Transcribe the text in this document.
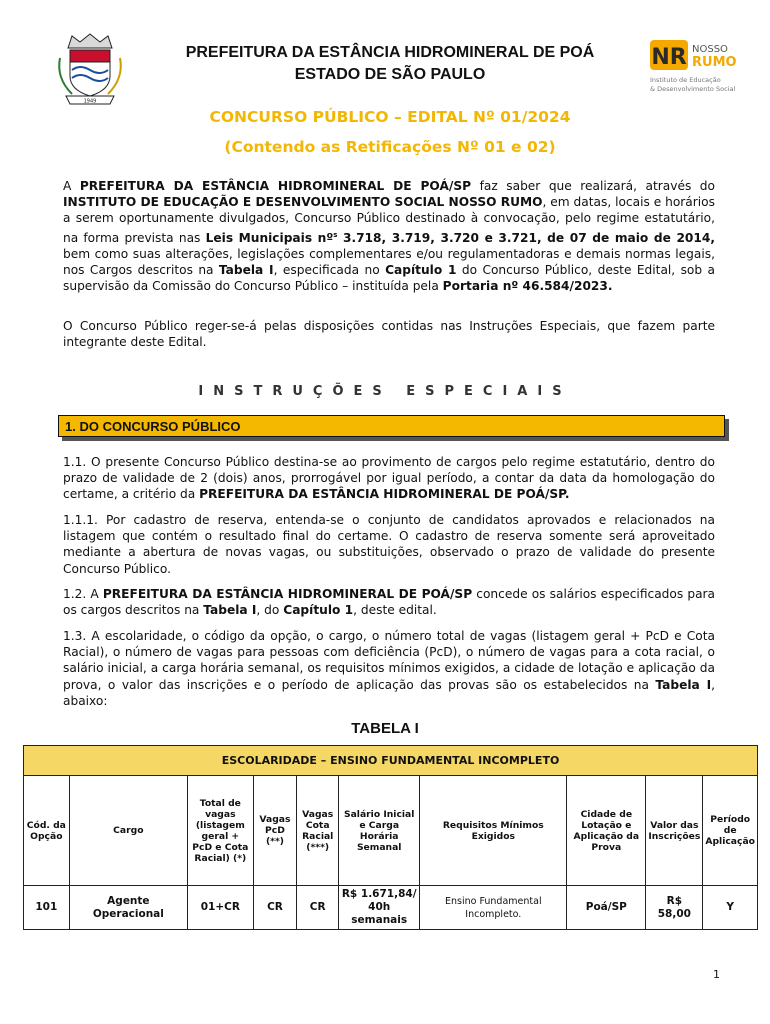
1949
NR NOSSO
RUMO
Instituto de Educação
& Desenvolvimento Social
PREFEITURA DA ESTÂNCIA HIDROMINERAL DE POÁ
ESTADO DE SÃO PAULO
CONCURSO PÚBLICO – EDITAL Nº 01/2024
(Contendo as Retificações Nº 01 e 02)
A PREFEITURA DA ESTÂNCIA HIDROMINERAL DE POÁ/SP faz saber que realizará, através do INSTITUTO DE EDUCAÇÃO E DESENVOLVIMENTO SOCIAL NOSSO RUMO, em datas, locais e horários a serem oportunamente divulgados, Concurso Público destinado à convocação, pelo regime estatutário, na forma prevista nas Leis Municipais nº$^s$ 3.718, 3.719, 3.720 e 3.721, de 07 de maio de 2014, bem como suas alterações, legislações complementares e/ou regulamentadoras e demais normas legais, nos Cargos descritos na Tabela I, especificada no Capítulo 1 do Concurso Público, deste Edital, sob a supervisão da Comissão do Concurso Público – instituída pela Portaria nº 46.584/2023.
O Concurso Público reger-se-á pelas disposições contidas nas Instruções Especiais, que fazem parte integrante deste Edital.
INSTRUÇÕES ESPECIAIS
1. DO CONCURSO PÚBLICO
1.1. O presente Concurso Público destina-se ao provimento de cargos pelo regime estatutário, dentro do prazo de validade de 2 (dois) anos, prorrogável por igual período, a contar da data da homologação do certame, a critério da PREFEITURA DA ESTÂNCIA HIDROMINERAL DE POÁ/SP.
1.1.1. Por cadastro de reserva, entenda-se o conjunto de candidatos aprovados e relacionados na listagem que contém o resultado final do certame. O cadastro de reserva somente será aproveitado mediante a abertura de novas vagas, ou substituições, observado o prazo de validade do presente Concurso Público.
1.2. A PREFEITURA DA ESTÂNCIA HIDROMINERAL DE POÁ/SP concede os salários especificados para os cargos descritos na Tabela I, do Capítulo 1, deste edital.
1.3. A escolaridade, o código da opção, o cargo, o número total de vagas (listagem geral + PcD e Cota Racial), o número de vagas para pessoas com deficiência (PcD), o número de vagas para a cota racial, o salário inicial, a carga horária semanal, os requisitos mínimos exigidos, a cidade de lotação e aplicação da prova, o valor das inscrições e o período de aplicação das provas são os estabelecidos na Tabela I, abaixo:
TABELA I
ESCOLARIDADE – ENSINO FUNDAMENTAL INCOMPLETO									
Cód. da Opção	Cargo	Total de vagas (listagem geral + PcD e Cota Racial) (*)	Vagas PcD (**)	Vagas Cota Racial (***)	Salário Inicial e Carga Horária Semanal	Requisitos Mínimos Exigidos	Cidade de Lotação e Aplicação da Prova	Valor das Inscrições	Período de Aplicação
101	Agente Operacional	01+CR	CR	CR	R$ 1.671,84/ 40h semanais	Ensino Fundamental Incompleto.	Poá/SP	R$ 58,00	Y
1
